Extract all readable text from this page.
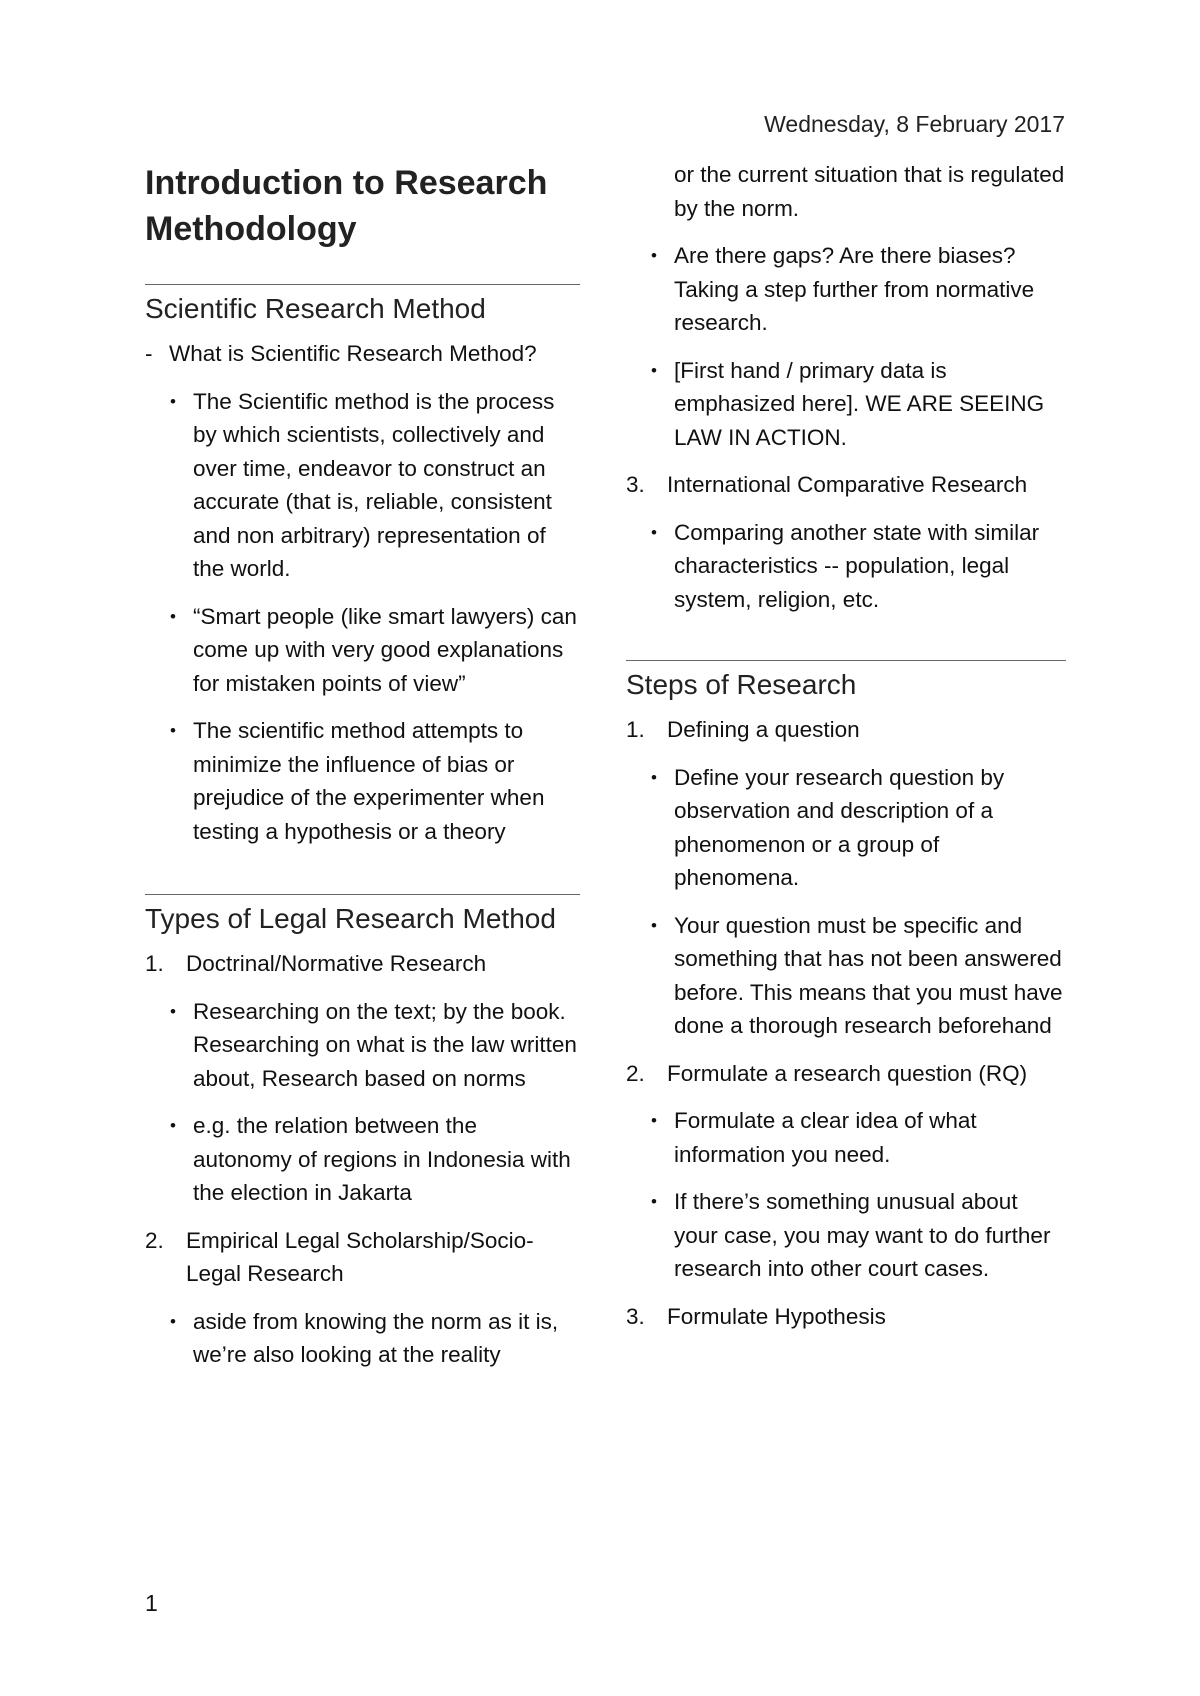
Wednesday, 8 February 2017
Introduction to Research Methodology
Scientific Research Method
- What is Scientific Research Method?
• The Scientific method is the process by which scientists, collectively and over time, endeavor to construct an accurate (that is, reliable, consistent and non arbitrary) representation of the world.
• “Smart people (like smart lawyers) can come up with very good explanations for mistaken points of view”
• The scientific method attempts to minimize the influence of bias or prejudice of the experimenter when testing a hypothesis or a theory
Types of Legal Research Method
1. Doctrinal/Normative Research
• Researching on the text; by the book. Researching on what is the law written about, Research based on norms
• e.g. the relation between the autonomy of regions in Indonesia with the election in Jakarta
2. Empirical Legal Scholarship/Socio-Legal Research
• aside from knowing the norm as it is, we’re also looking at the reality
or the current situation that is regulated by the norm.
• Are there gaps? Are there biases? Taking a step further from normative research.
• [First hand / primary data is emphasized here]. WE ARE SEEING LAW IN ACTION.
3. International Comparative Research
• Comparing another state with similar characteristics -- population, legal system, religion, etc.
Steps of Research
1. Defining a question
• Define your research question by observation and description of a phenomenon or a group of phenomena.
• Your question must be specific and something that has not been answered before. This means that you must have done a thorough research beforehand
2. Formulate a research question (RQ)
• Formulate a clear idea of what information you need.
• If there’s something unusual about your case, you may want to do further research into other court cases.
3. Formulate Hypothesis
1
